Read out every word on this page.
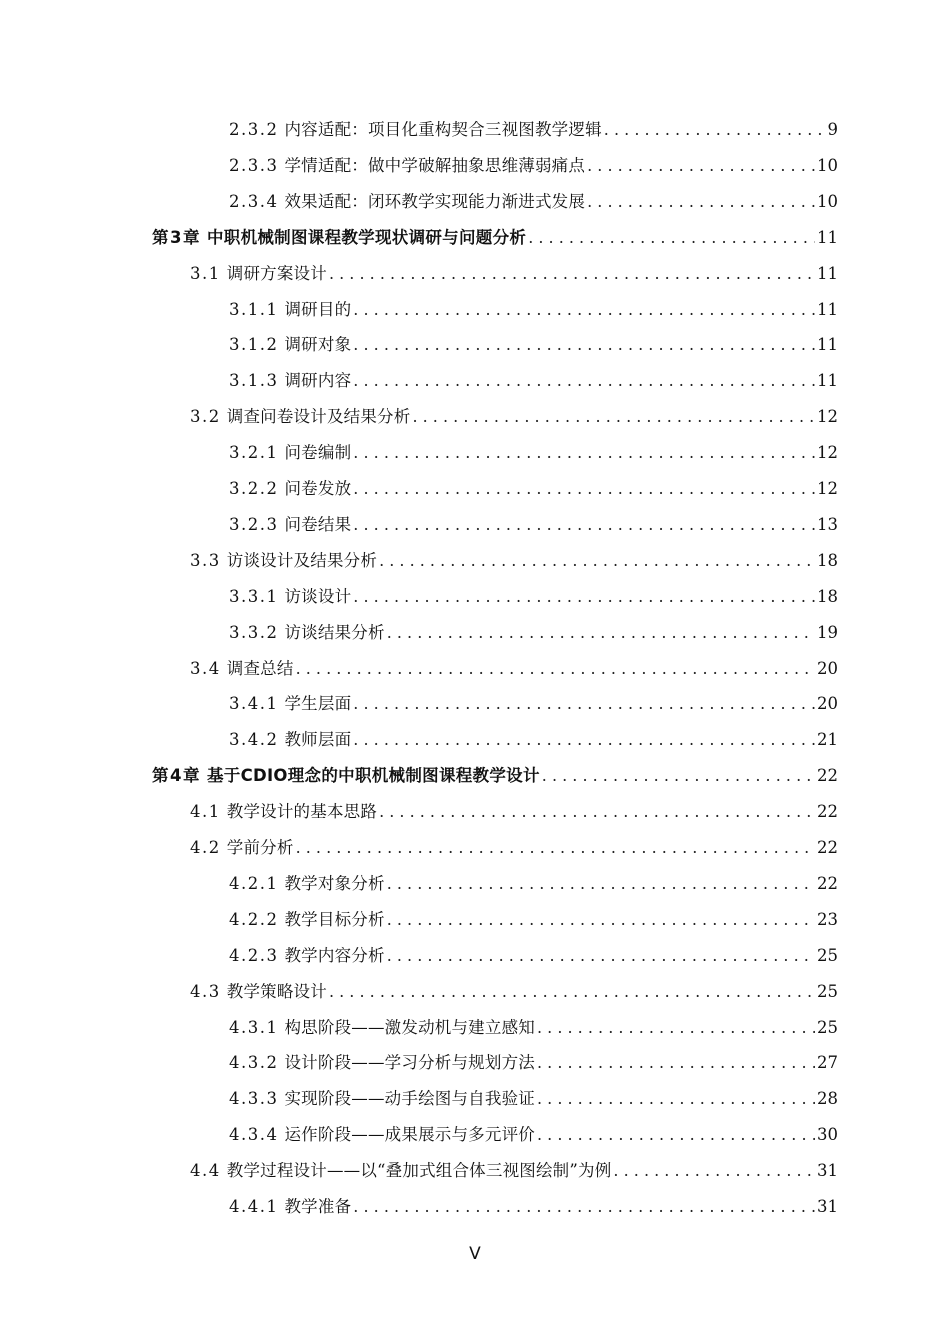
2.3.2 内容适配：项目化重构契合三视图教学逻辑 . . .	9
2.3.3 学情适配：做中学破解抽象思维薄弱痛点 . . .	10
2.3.4 效果适配：闭环教学实现能力渐进式发展 . . .	10
第3章 中职机械制图课程教学现状调研与问题分析 . . .	11
3.1 调研方案设计 . . .	11
3.1.1 调研目的 . . .	11
3.1.2 调研对象 . . .	11
3.1.3 调研内容 . . .	11
3.2 调查问卷设计及结果分析 . . .	12
3.2.1 问卷编制 . . .	12
3.2.2 问卷发放 . . .	12
3.2.3 问卷结果 . . .	13
3.3 访谈设计及结果分析 . . .	18
3.3.1 访谈设计 . . .	18
3.3.2 访谈结果分析 . . .	19
3.4 调查总结 . . .	20
3.4.1 学生层面 . . .	20
3.4.2 教师层面 . . .	21
第4章 基于CDIO理念的中职机械制图课程教学设计 . . .	22
4.1 教学设计的基本思路 . . .	22
4.2 学前分析 . . .	22
4.2.1 教学对象分析 . . .	22
4.2.2 教学目标分析 . . .	23
4.2.3 教学内容分析 . . .	25
4.3 教学策略设计 . . .	25
4.3.1 构思阶段——激发动机与建立感知 . . .	25
4.3.2 设计阶段——学习分析与规划方法 . . .	27
4.3.3 实现阶段——动手绘图与自我验证 . . .	28
4.3.4 运作阶段——成果展示与多元评价 . . .	30
4.4 教学过程设计——以“叠加式组合体三视图绘制”为例 . . .	31
4.4.1 教学准备 . . .	31
V
